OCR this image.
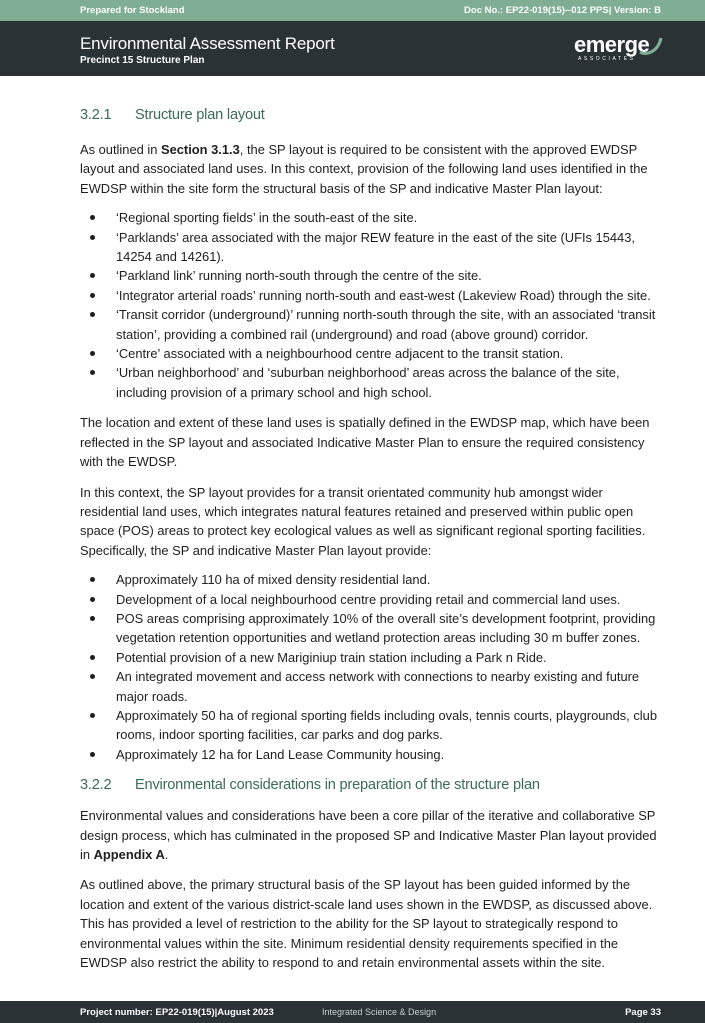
Prepared for Stockland	Doc No.: EP22-019(15)--012 PPS| Version: B
Environmental Assessment Report
Precinct 15 Structure Plan
emerge
ASSOCIATES
3.2.1	Structure plan layout

As outlined in Section 3.1.3, the SP layout is required to be consistent with the approved EWDSP layout and associated land uses. In this context, provision of the following land uses identified in the EWDSP within the site form the structural basis of the SP and indicative Master Plan layout:

‘Regional sporting fields’ in the south-east of the site.
‘Parklands’ area associated with the major REW feature in the east of the site (UFIs 15443, 14254 and 14261).
‘Parkland link’ running north-south through the centre of the site.
‘Integrator arterial roads’ running north-south and east-west (Lakeview Road) through the site.
‘Transit corridor (underground)’ running north-south through the site, with an associated ‘transit station’, providing a combined rail (underground) and road (above ground) corridor.
‘Centre’ associated with a neighbourhood centre adjacent to the transit station.
‘Urban neighborhood’ and ‘suburban neighborhood’ areas across the balance of the site, including provision of a primary school and high school.

The location and extent of these land uses is spatially defined in the EWDSP map, which have been reflected in the SP layout and associated Indicative Master Plan to ensure the required consistency with the EWDSP.

In this context, the SP layout provides for a transit orientated community hub amongst wider residential land uses, which integrates natural features retained and preserved within public open space (POS) areas to protect key ecological values as well as significant regional sporting facilities. Specifically, the SP and indicative Master Plan layout provide:

Approximately 110 ha of mixed density residential land.
Development of a local neighbourhood centre providing retail and commercial land uses.
POS areas comprising approximately 10% of the overall site’s development footprint, providing vegetation retention opportunities and wetland protection areas including 30 m buffer zones.
Potential provision of a new Mariginiup train station including a Park n Ride.
An integrated movement and access network with connections to nearby existing and future major roads.
Approximately 50 ha of regional sporting fields including ovals, tennis courts, playgrounds, club rooms, indoor sporting facilities, car parks and dog parks.
Approximately 12 ha for Land Lease Community housing.
3.2.2	Environmental considerations in preparation of the structure plan

Environmental values and considerations have been a core pillar of the iterative and collaborative SP design process, which has culminated in the proposed SP and Indicative Master Plan layout provided in Appendix A.

As outlined above, the primary structural basis of the SP layout has been guided informed by the location and extent of the various district-scale land uses shown in the EWDSP, as discussed above. This has provided a level of restriction to the ability for the SP layout to strategically respond to environmental values within the site. Minimum residential density requirements specified in the EWDSP also restrict the ability to respond to and retain environmental assets within the site.

Project number: EP22-019(15)|August 2023	Integrated Science & Design	Page 33
